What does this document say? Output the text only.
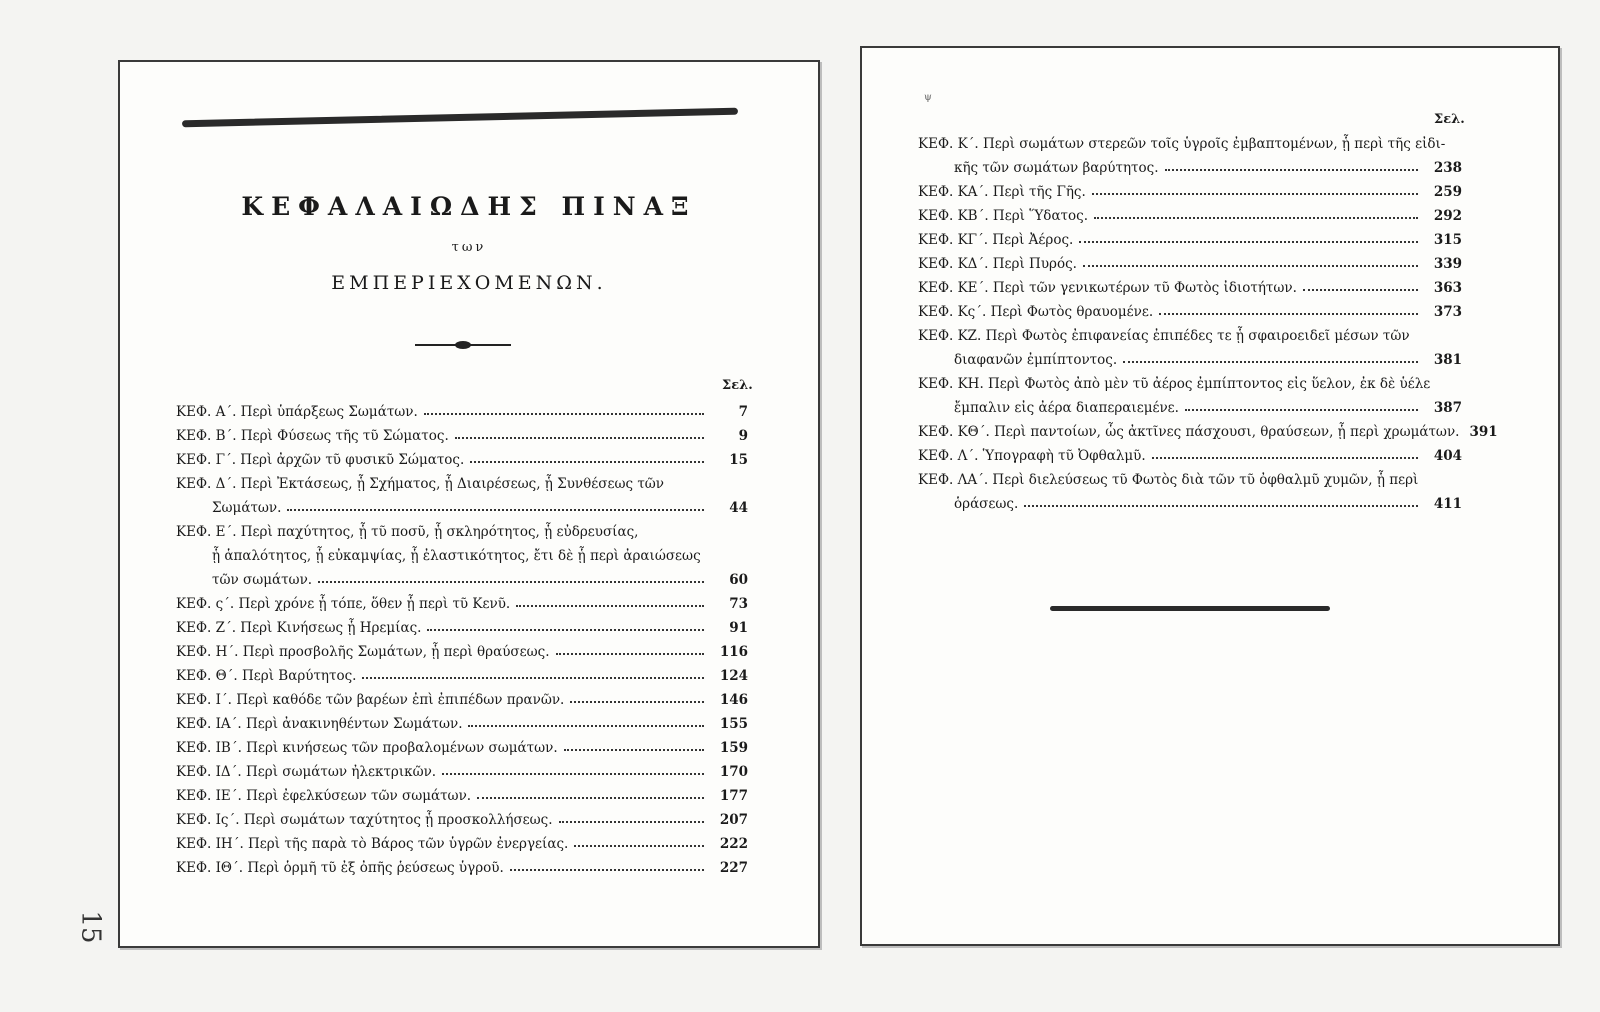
ΚΕΦΑΛΑΙΩΔΗΣ ΠΙΝΑΞ
των
ΕΜΠΕΡΙΕΧΟΜΕΝΩΝ.
Σελ.
ΚΕΦ. Α΄. Περὶ ὑπάρξεως Σωμάτων.	7
ΚΕΦ. Β΄. Περὶ Φύσεως τῆς τῦ Σώματος.	9
ΚΕΦ. Γ΄. Περὶ ἀρχῶν τῦ φυσικῦ Σώματος.	15
ΚΕΦ. Δ΄. Περὶ Ἐκτάσεως, ᾗ Σχήματος, ᾗ Διαιρέσεως, ᾗ Συνθέσεως τῶν
Σωμάτων.	44
ΚΕΦ. Ε΄. Περὶ παχύτητος, ᾗ τῦ ποσῦ, ᾗ σκληρότητος, ᾗ εὐδρευσίας,
ᾗ ἁπαλότητος, ᾗ εὐκαμψίας, ᾗ ἐλαστικότητος, ἔτι δὲ ᾗ περὶ ἀραιώσεως
τῶν σωμάτων.	60
ΚΕΦ. ς΄. Περὶ χρόνε ᾗ τόπε, ὅθεν ᾗ περὶ τῦ Κενῦ.	73
ΚΕΦ. Ζ΄. Περὶ Κινήσεως ᾗ Ηρεμίας.	91
ΚΕΦ. Η΄. Περὶ προσβολῆς Σωμάτων, ᾗ περὶ θραύσεως.	116
ΚΕΦ. Θ΄. Περὶ Βαρύτητος.	124
ΚΕΦ. Ι΄. Περὶ καθόδε τῶν βαρέων ἐπὶ ἐπιπέδων πρανῶν.	146
ΚΕΦ. ΙΑ΄. Περὶ ἀνακινηθέντων Σωμάτων.	155
ΚΕΦ. ΙΒ΄. Περὶ κινήσεως τῶν προβαλομένων σωμάτων.	159
ΚΕΦ. ΙΔ΄. Περὶ σωμάτων ἠλεκτρικῶν.	170
ΚΕΦ. ΙΕ΄. Περὶ ἐφελκύσεων τῶν σωμάτων.	177
ΚΕΦ. Ις΄. Περὶ σωμάτων ταχύτητος ᾗ προσκολλήσεως.	207
ΚΕΦ. ΙΗ΄. Περὶ τῆς παρὰ τὸ Βάρος τῶν ὑγρῶν ἐνεργείας.	222
ΚΕΦ. ΙΘ΄. Περὶ ὁρμῆ τῦ ἐξ ὀπῆς ῥεύσεως ὑγροῦ.	227
ψ
Σελ.
ΚΕΦ. Κ΄. Περὶ σωμάτων στερεῶν τοῖς ὑγροῖς ἐμβαπτομένων, ᾗ περὶ τῆς εἰδι-
κῆς τῶν σωμάτων βαρύτητος.	238
ΚΕΦ. ΚΑ΄. Περὶ τῆς Γῆς.	259
ΚΕΦ. ΚΒ΄. Περὶ Ὕδατος.	292
ΚΕΦ. ΚΓ΄. Περὶ Ἀέρος.	315
ΚΕΦ. ΚΔ΄. Περὶ Πυρός.	339
ΚΕΦ. ΚΕ΄. Περὶ τῶν γενικωτέρων τῦ Φωτὸς ἰδιοτήτων.	363
ΚΕΦ. Κς΄. Περὶ Φωτὸς θραυομένε.	373
ΚΕΦ. ΚΖ. Περὶ Φωτὸς ἐπιφανείας ἐπιπέδες τε ᾗ σφαιροειδεῖ μέσων τῶν
διαφανῶν ἐμπίπτοντος.	381
ΚΕΦ. ΚΗ. Περὶ Φωτὸς ἀπὸ μὲν τῦ ἀέρος ἐμπίπτοντος εἰς ὕελον, ἐκ δὲ ὑέλε
ἔμπαλιν εἰς ἀέρα διαπεραιεμένε.	387
ΚΕΦ. ΚΘ΄. Περὶ παντοίων, ὧς ἀκτῖνες πάσχουσι, θραύσεων, ᾗ περὶ χρωμάτων. 391
ΚΕΦ. Λ΄. Ὑπογραφὴ τῦ Ὀφθαλμῦ.	404
ΚΕΦ. ΛΑ΄. Περὶ διελεύσεως τῦ Φωτὸς διὰ τῶν τῦ ὀφθαλμῦ χυμῶν, ᾗ περὶ
ὁράσεως.	411
15
